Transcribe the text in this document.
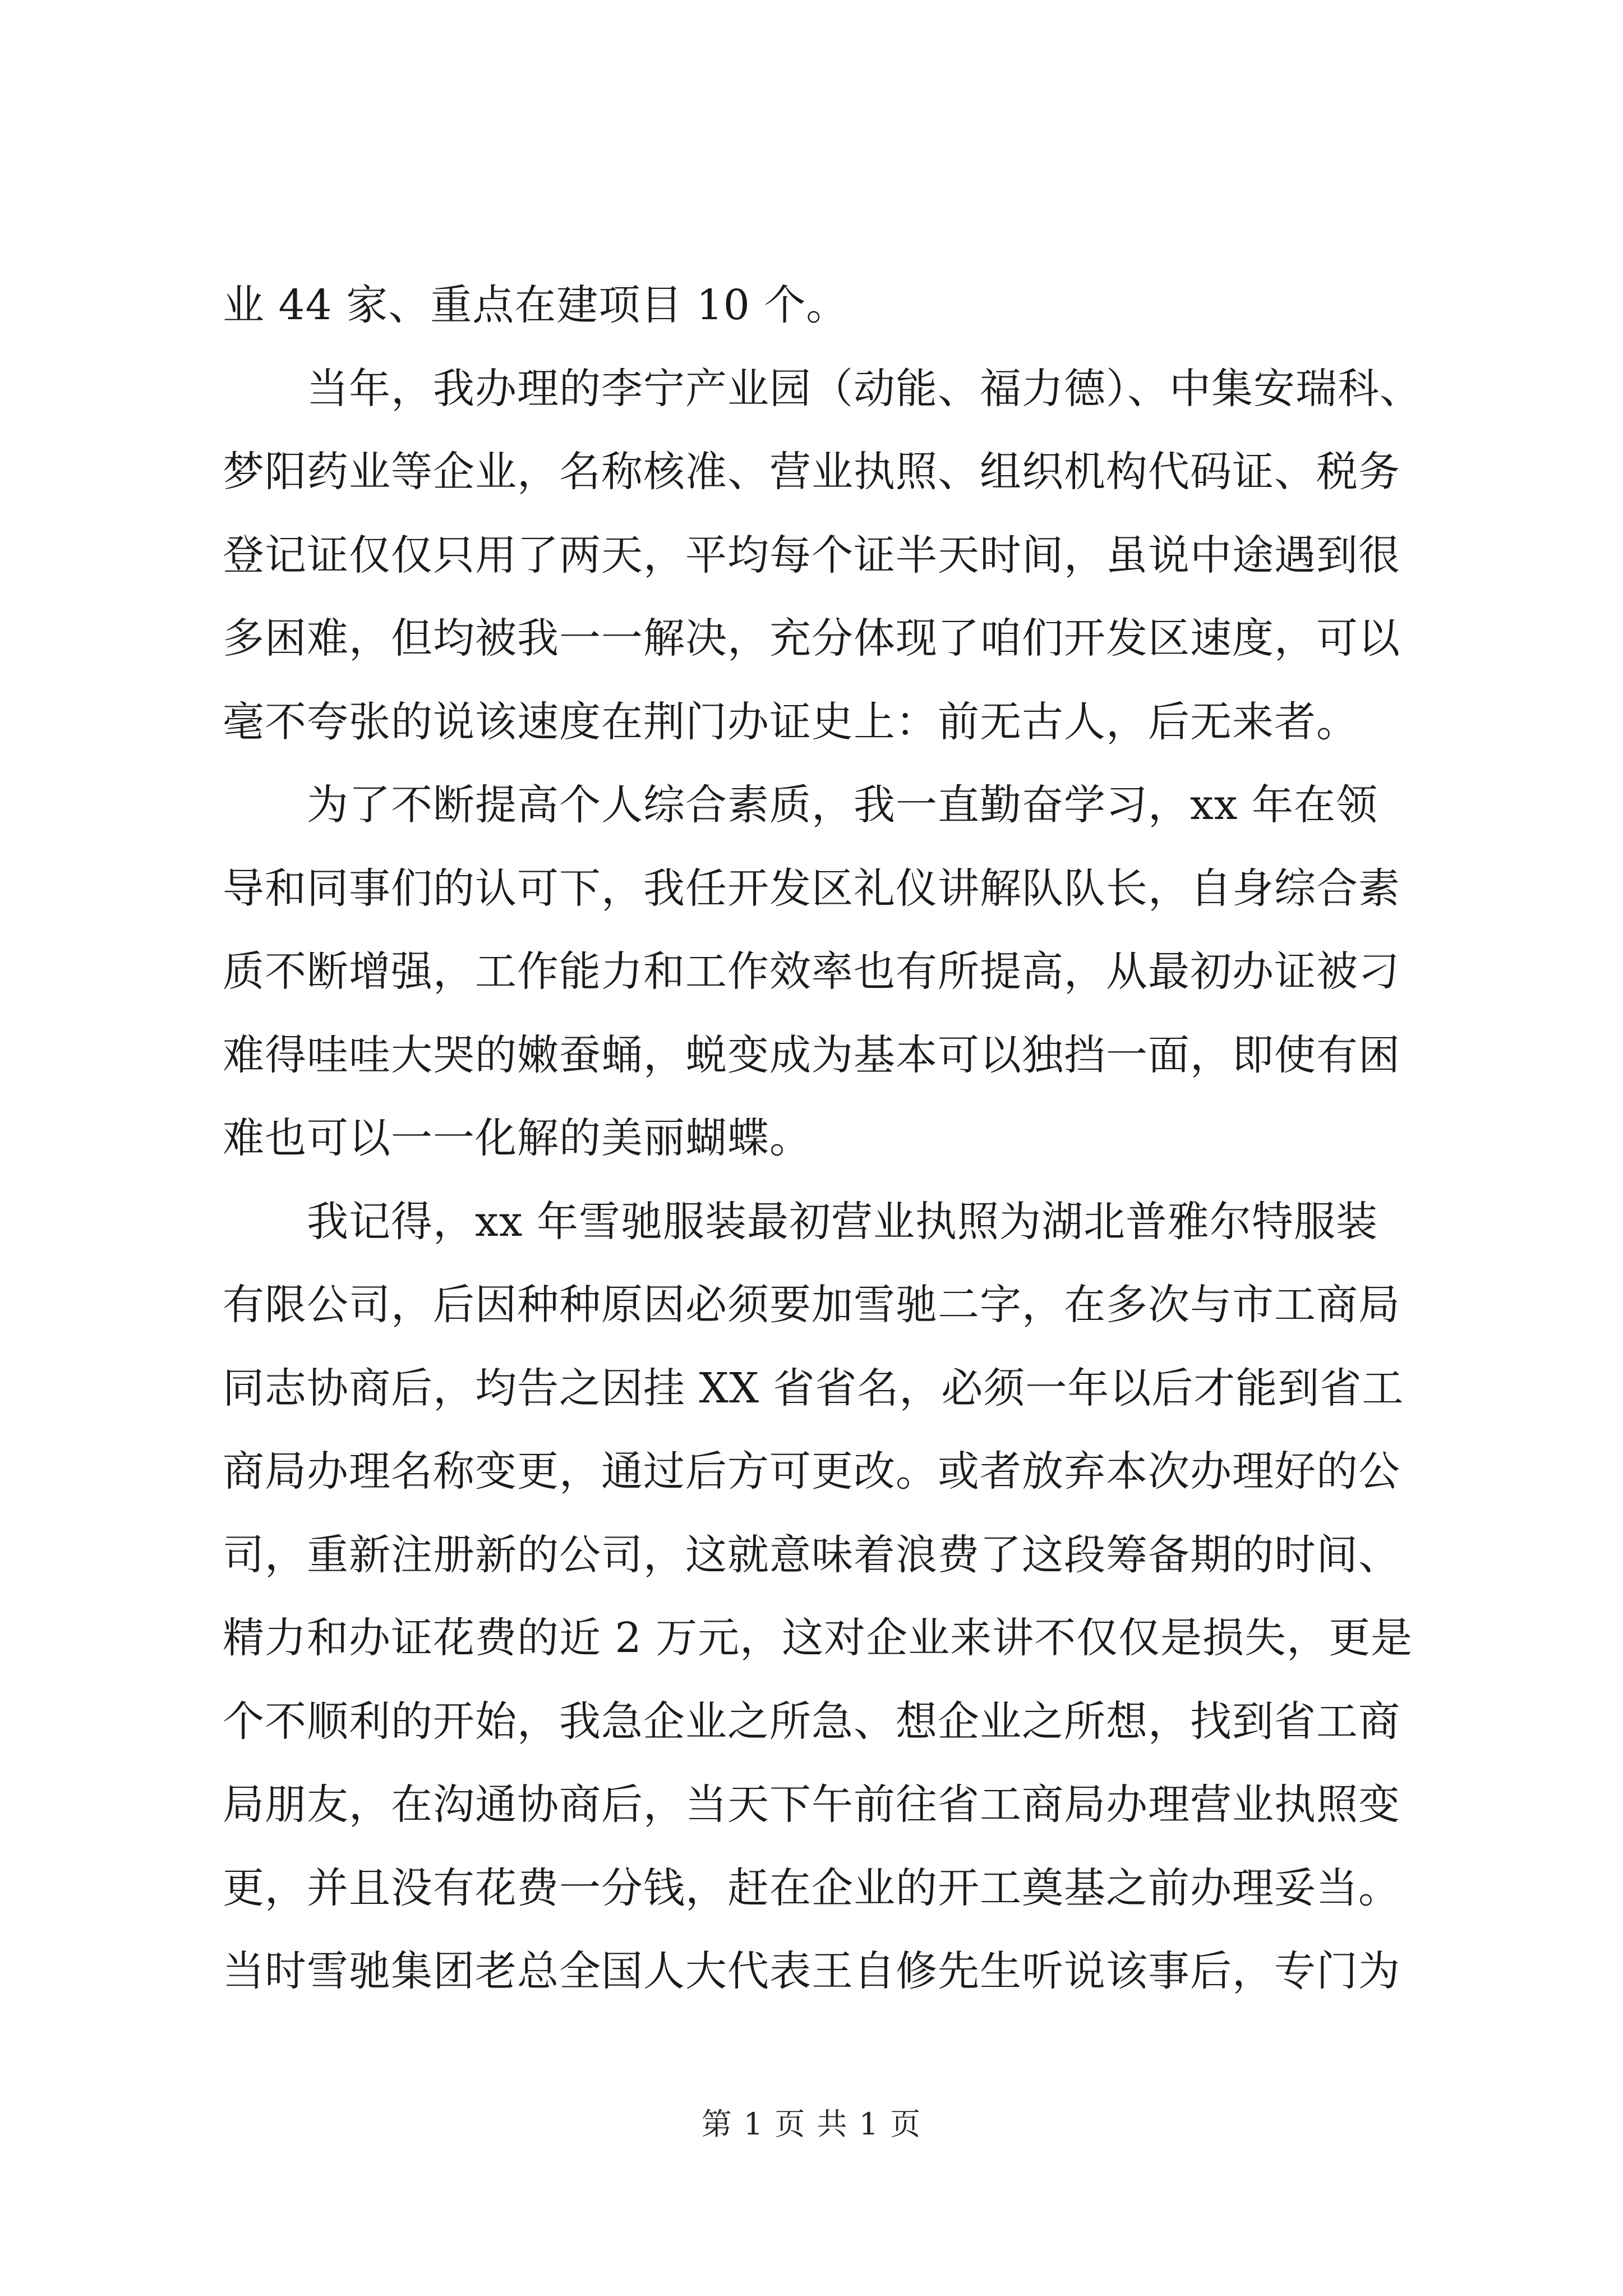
业 44 家、重点在建项目 10 个。
　　当年，我办理的李宁产业园（动能、福力德）、中集安瑞科、
梦阳药业等企业，名称核准、营业执照、组织机构代码证、税务
登记证仅仅只用了两天，平均每个证半天时间，虽说中途遇到很
多困难，但均被我一一解决，充分体现了咱们开发区速度，可以
毫不夸张的说该速度在荆门办证史上：前无古人，后无来者。
　　为了不断提高个人综合素质，我一直勤奋学习，xx 年在领
导和同事们的认可下，我任开发区礼仪讲解队队长，自身综合素
质不断增强，工作能力和工作效率也有所提高，从最初办证被刁
难得哇哇大哭的嫩蚕蛹，蜕变成为基本可以独挡一面，即使有困
难也可以一一化解的美丽蝴蝶。
　　我记得，xx 年雪驰服装最初营业执照为湖北普雅尔特服装
有限公司，后因种种原因必须要加雪驰二字，在多次与市工商局
同志协商后，均告之因挂 XX 省省名，必须一年以后才能到省工
商局办理名称变更，通过后方可更改。或者放弃本次办理好的公
司，重新注册新的公司，这就意味着浪费了这段筹备期的时间、
精力和办证花费的近 2 万元，这对企业来讲不仅仅是损失，更是
个不顺利的开始，我急企业之所急、想企业之所想，找到省工商
局朋友，在沟通协商后，当天下午前往省工商局办理营业执照变
更，并且没有花费一分钱，赶在企业的开工奠基之前办理妥当。
当时雪驰集团老总全国人大代表王自修先生听说该事后，专门为
第 1 页 共 1 页
